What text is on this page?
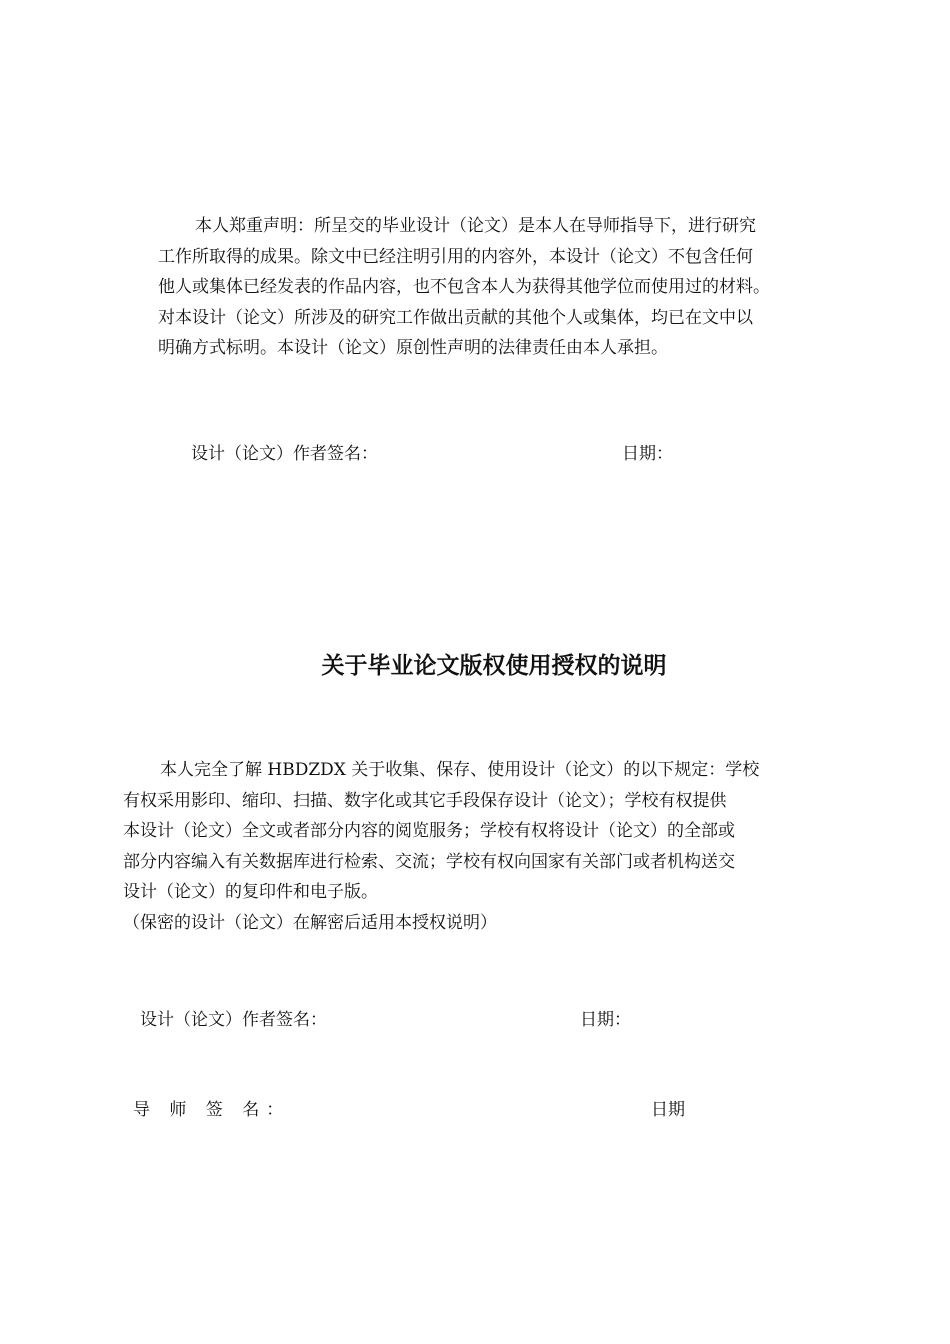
本人郑重声明：所呈交的毕业设计（论文）是本人在导师指导下，进行研究
工作所取得的成果。除文中已经注明引用的内容外，本设计（论文）不包含任何
他人或集体已经发表的作品内容，也不包含本人为获得其他学位而使用过的材料。
对本设计（论文）所涉及的研究工作做出贡献的其他个人或集体，均已在文中以
明确方式标明。本设计（论文）原创性声明的法律责任由本人承担。
设计（论文）作者签名：	日期：
关于毕业论文版权使用授权的说明
本人完全了解 HBDZDX 关于收集、保存、使用设计（论文）的以下规定：学校
有权采用影印、缩印、扫描、数字化或其它手段保存设计（论文）；学校有权提供
本设计（论文）全文或者部分内容的阅览服务；学校有权将设计（论文）的全部或
部分内容编入有关数据库进行检索、交流；学校有权向国家有关部门或者机构送交
设计（论文）的复印件和电子版。
（保密的设计（论文）在解密后适用本授权说明）
设计（论文）作者签名：	日期：
导 师 签 名：	日期
